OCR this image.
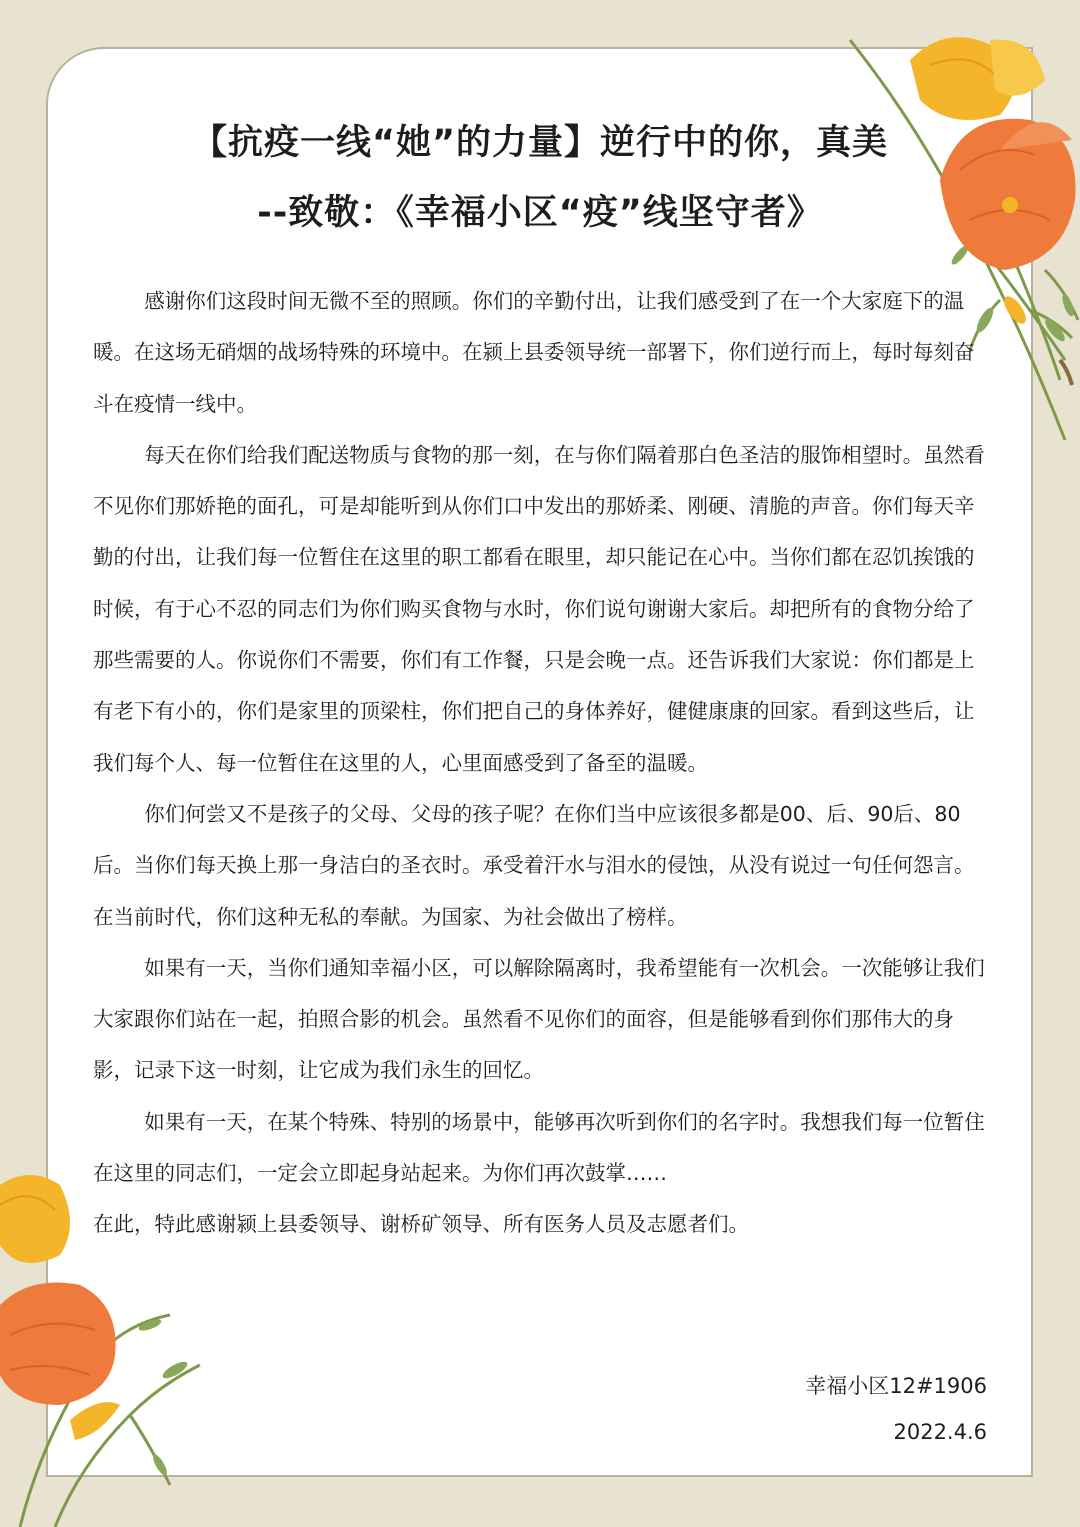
【抗疫一线“她”的力量】逆行中的你，真美
--致敬：《幸福小区“疫”线坚守者》

感谢你们这段时间无微不至的照顾。你们的辛勤付出，让我们感受到了在一个大家庭下的温暖。在这场无硝烟的战场特殊的环境中。在颍上县委领导统一部署下，你们逆行而上，每时每刻奋斗在疫情一线中。

每天在你们给我们配送物质与食物的那一刻，在与你们隔着那白色圣洁的服饰相望时。虽然看不见你们那娇艳的面孔，可是却能听到从你们口中发出的那娇柔、刚硬、清脆的声音。你们每天辛勤的付出，让我们每一位暂住在这里的职工都看在眼里，却只能记在心中。当你们都在忍饥挨饿的时候，有于心不忍的同志们为你们购买食物与水时，你们说句谢谢大家后。却把所有的食物分给了那些需要的人。你说你们不需要，你们有工作餐，只是会晚一点。还告诉我们大家说：你们都是上有老下有小的，你们是家里的顶梁柱，你们把自己的身体养好，健健康康的回家。看到这些后，让我们每个人、每一位暂住在这里的人，心里面感受到了备至的温暖。

你们何尝又不是孩子的父母、父母的孩子呢？在你们当中应该很多都是00、后、90后、80后。当你们每天换上那一身洁白的圣衣时。承受着汗水与泪水的侵蚀，从没有说过一句任何怨言。在当前时代，你们这种无私的奉献。为国家、为社会做出了榜样。

如果有一天，当你们通知幸福小区，可以解除隔离时，我希望能有一次机会。一次能够让我们大家跟你们站在一起，拍照合影的机会。虽然看不见你们的面容，但是能够看到你们那伟大的身影，记录下这一时刻，让它成为我们永生的回忆。

如果有一天，在某个特殊、特别的场景中，能够再次听到你们的名字时。我想我们每一位暂住在这里的同志们，一定会立即起身站起来。为你们再次鼓掌……

在此，特此感谢颍上县委领导、谢桥矿领导、所有医务人员及志愿者们。

幸福小区12#1906
2022.4.6
